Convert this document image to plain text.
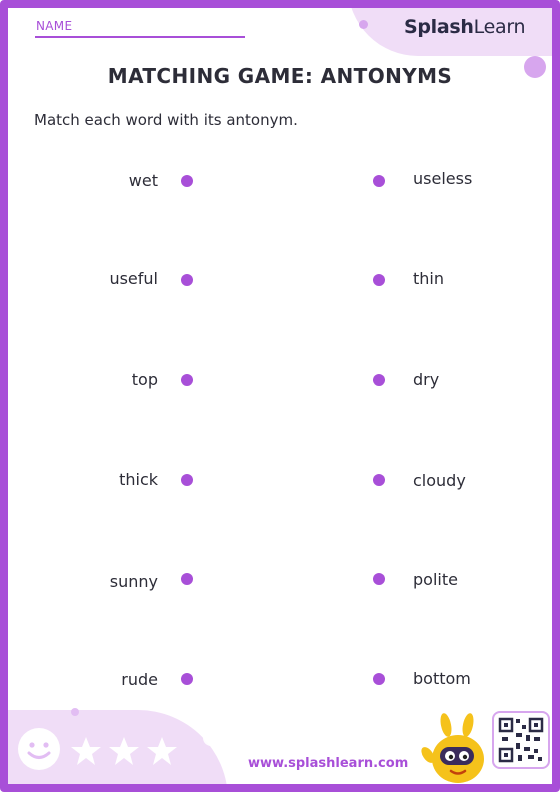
SplashLearn
NAME
MATCHING GAME: ANTONYMS
Match each word with its antonym.
wet	useless
useful	thin
top	dry
thick	cloudy
sunny	polite
rude	bottom
www.splashlearn.com
